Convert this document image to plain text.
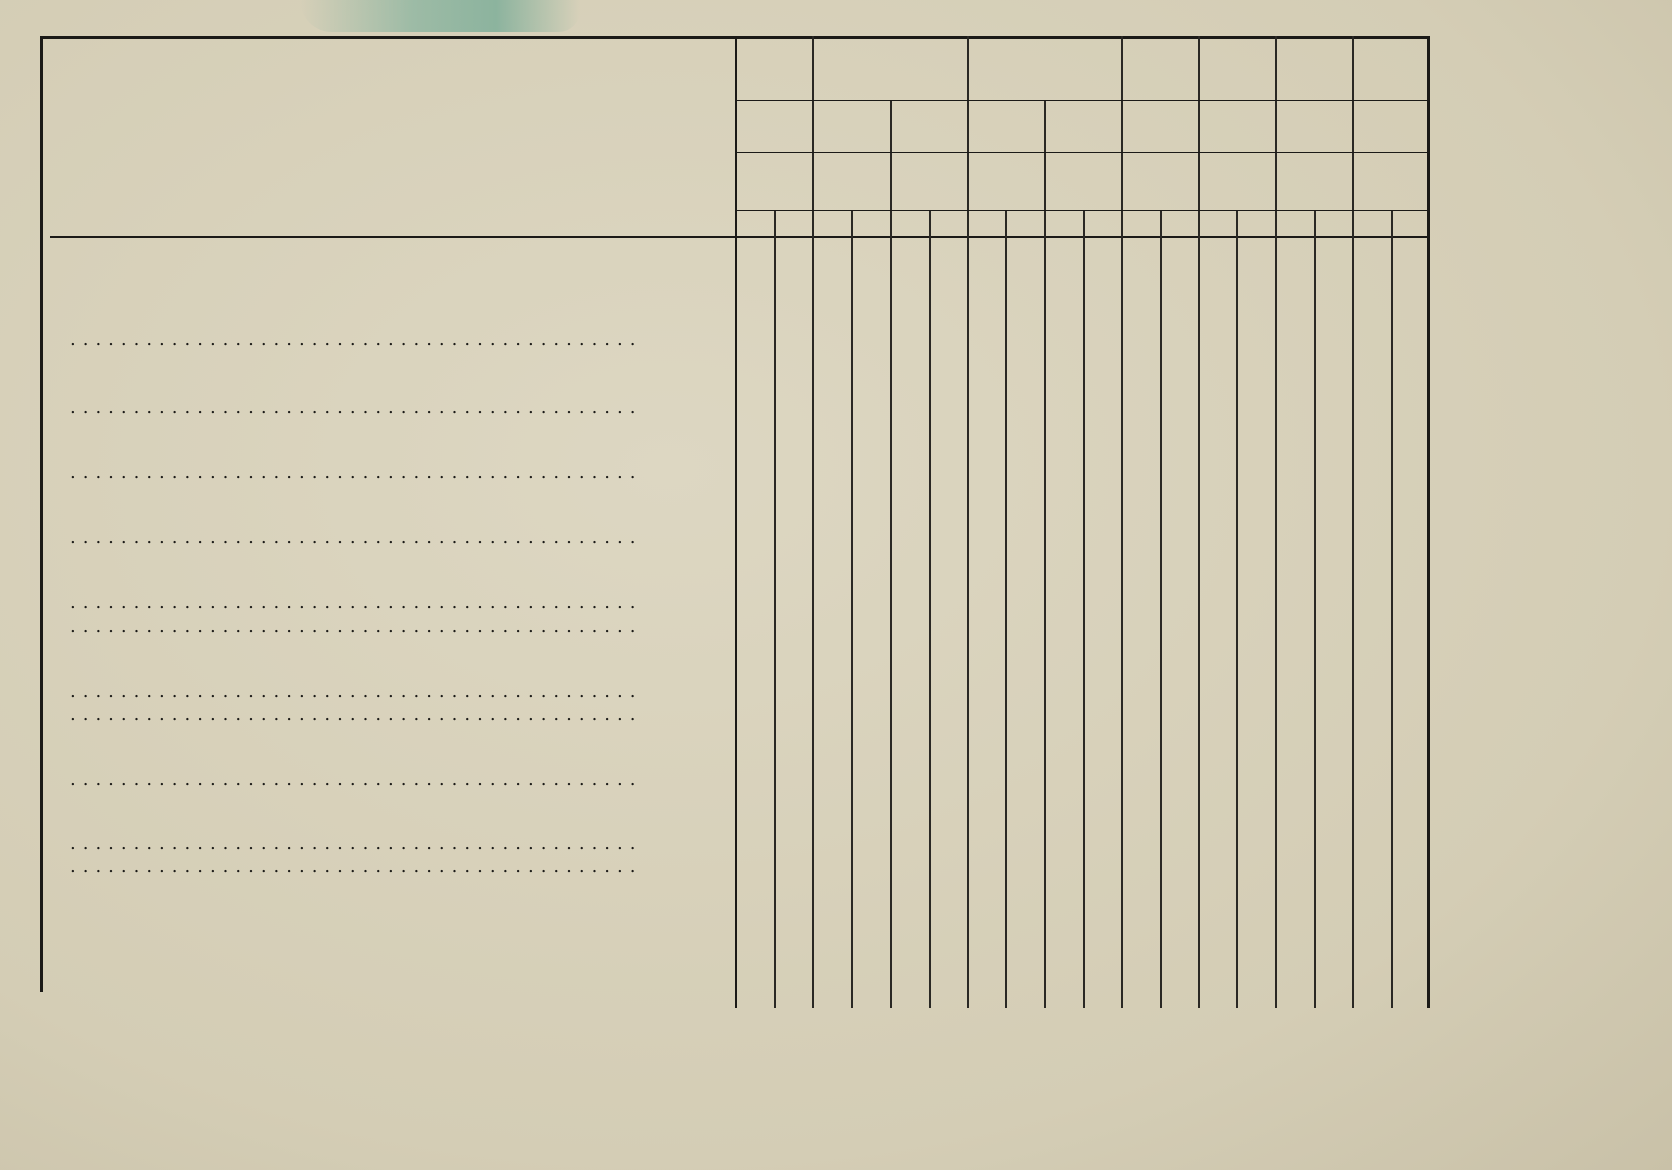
.............................................
.............................................
.............................................
.............................................
.............................................
.............................................
.............................................
.............................................
.............................................
.............................................
.............................................
